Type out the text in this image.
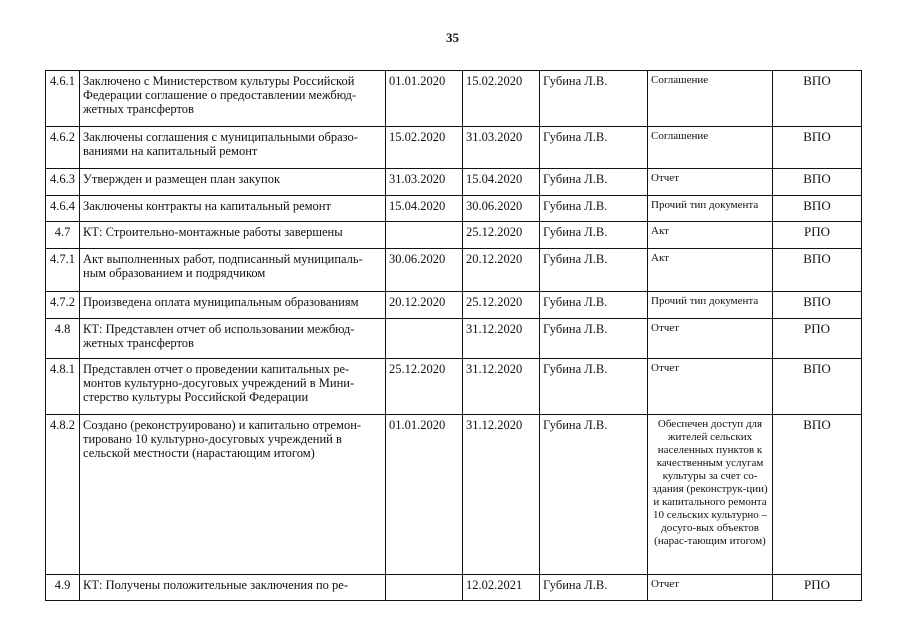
35
4.6.1	Заключено с Министерством культуры Российской Федерации соглашение о предоставлении межбюд-жетных трансфертов	01.01.2020	15.02.2020	Губина Л.В.	Соглашение	ВПО
4.6.2	Заключены соглашения с муниципальными образо-ваниями на капитальный ремонт	15.02.2020	31.03.2020	Губина Л.В.	Соглашение	ВПО
4.6.3	Утвержден и размещен план закупок	31.03.2020	15.04.2020	Губина Л.В.	Отчет	ВПО
4.6.4	Заключены контракты на капитальный ремонт	15.04.2020	30.06.2020	Губина Л.В.	Прочий тип документа	ВПО
4.7	КТ: Строительно-монтажные работы завершены		25.12.2020	Губина Л.В.	Акт	РПО
4.7.1	Акт выполненных работ, подписанный муниципаль-ным образованием и подрядчиком	30.06.2020	20.12.2020	Губина Л.В.	Акт	ВПО
4.7.2	Произведена оплата муниципальным образованиям	20.12.2020	25.12.2020	Губина Л.В.	Прочий тип документа	ВПО
4.8	КТ: Представлен отчет об использовании межбюд-жетных трансфертов		31.12.2020	Губина Л.В.	Отчет	РПО
4.8.1	Представлен отчет о проведении капитальных ре-монтов культурно-досуговых учреждений в Мини-стерство культуры Российской Федерации	25.12.2020	31.12.2020	Губина Л.В.	Отчет	ВПО
4.8.2	Создано (реконструировано) и капитально отремон-тировано 10 культурно-досуговых учреждений в сельской местности (нарастающим итогом)	01.01.2020	31.12.2020	Губина Л.В.	Обеспечен доступ для жителей сельских населенных пунктов к качественным услугам культуры за счет со-здания (реконструк-ции) и капитального ремонта 10 сельских культурно – досуго-вых объектов (нарас-тающим итогом)	ВПО
4.9	КТ: Получены положительные заключения по ре-		12.02.2021	Губина Л.В.	Отчет	РПО
